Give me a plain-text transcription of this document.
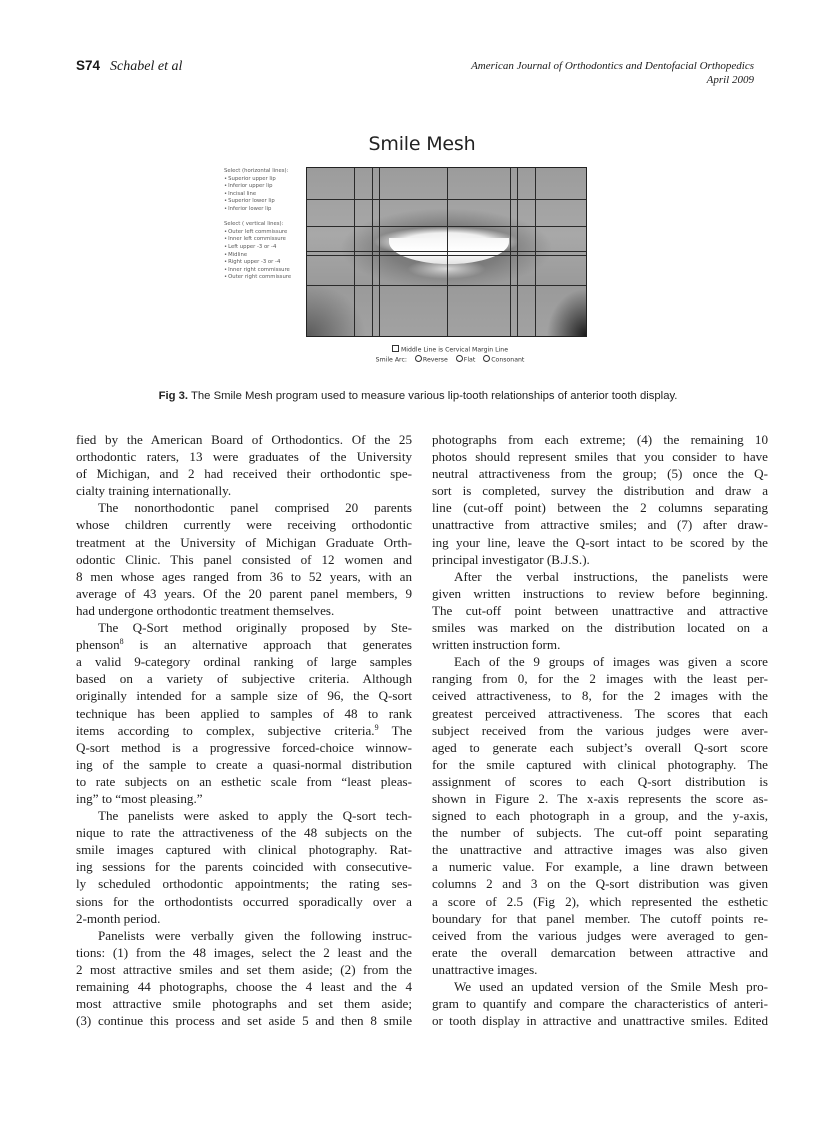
S74 Schabel et al	American Journal of Orthodontics and Dentofacial Orthopedics
April 2009
Smile Mesh
Select (horizontal lines):
• Superior upper lip
• Inferior upper lip
• Incisal line
• Superior lower lip
• Inferior lower lip
Select ( vertical lines):
• Outer left commissure
• Inner left commissure
• Left upper -3 or -4
• Midline
• Right upper -3 or -4
• Inner right commissure
• Outer right commissure
Middle Line is Cervical Margin Line
Smile Arc:	Reverse	Flat	Consonant
Fig 3. The Smile Mesh program used to measure various lip-tooth relationships of anterior tooth display.
fied by the American Board of Orthodontics. Of the 25
orthodontic raters, 13 were graduates of the University
of Michigan, and 2 had received their orthodontic spe-
cialty training internationally.
The nonorthodontic panel comprised 20 parents
whose children currently were receiving orthodontic
treatment at the University of Michigan Graduate Orth-
odontic Clinic. This panel consisted of 12 women and
8 men whose ages ranged from 36 to 52 years, with an
average of 43 years. Of the 20 parent panel members, 9
had undergone orthodontic treatment themselves.
The Q-Sort method originally proposed by Ste-
phenson$^8$ is an alternative approach that generates
a valid 9-category ordinal ranking of large samples
based on a variety of subjective criteria. Although
originally intended for a sample size of 96, the Q-sort
technique has been applied to samples of 48 to rank
items according to complex, subjective criteria.$^9$ The
Q-sort method is a progressive forced-choice winnow-
ing of the sample to create a quasi-normal distribution
to rate subjects on an esthetic scale from “least pleas-
ing” to “most pleasing.”
The panelists were asked to apply the Q-sort tech-
nique to rate the attractiveness of the 48 subjects on the
smile images captured with clinical photography. Rat-
ing sessions for the parents coincided with consecutive-
ly scheduled orthodontic appointments; the rating ses-
sions for the orthodontists occurred sporadically over a
2-month period.
Panelists were verbally given the following instruc-
tions: (1) from the 48 images, select the 2 least and the
2 most attractive smiles and set them aside; (2) from the
remaining 44 photographs, choose the 4 least and the 4
most attractive smile photographs and set them aside;
(3) continue this process and set aside 5 and then 8 smile
photographs from each extreme; (4) the remaining 10
photos should represent smiles that you consider to have
neutral attractiveness from the group; (5) once the Q-
sort is completed, survey the distribution and draw a
line (cut-off point) between the 2 columns separating
unattractive from attractive smiles; and (7) after draw-
ing your line, leave the Q-sort intact to be scored by the
principal investigator (B.J.S.).
After the verbal instructions, the panelists were
given written instructions to review before beginning.
The cut-off point between unattractive and attractive
smiles was marked on the distribution located on a
written instruction form.
Each of the 9 groups of images was given a score
ranging from 0, for the 2 images with the least per-
ceived attractiveness, to 8, for the 2 images with the
greatest perceived attractiveness. The scores that each
subject received from the various judges were aver-
aged to generate each subject’s overall Q-sort score
for the smile captured with clinical photography. The
assignment of scores to each Q-sort distribution is
shown in Figure 2. The x-axis represents the score as-
signed to each photograph in a group, and the y-axis,
the number of subjects. The cut-off point separating
the unattractive and attractive images was also given
a numeric value. For example, a line drawn between
columns 2 and 3 on the Q-sort distribution was given
a score of 2.5 (Fig 2), which represented the esthetic
boundary for that panel member. The cutoff points re-
ceived from the various judges were averaged to gen-
erate the overall demarcation between attractive and
unattractive images.
We used an updated version of the Smile Mesh pro-
gram to quantify and compare the characteristics of anteri-
or tooth display in attractive and unattractive smiles. Edited
